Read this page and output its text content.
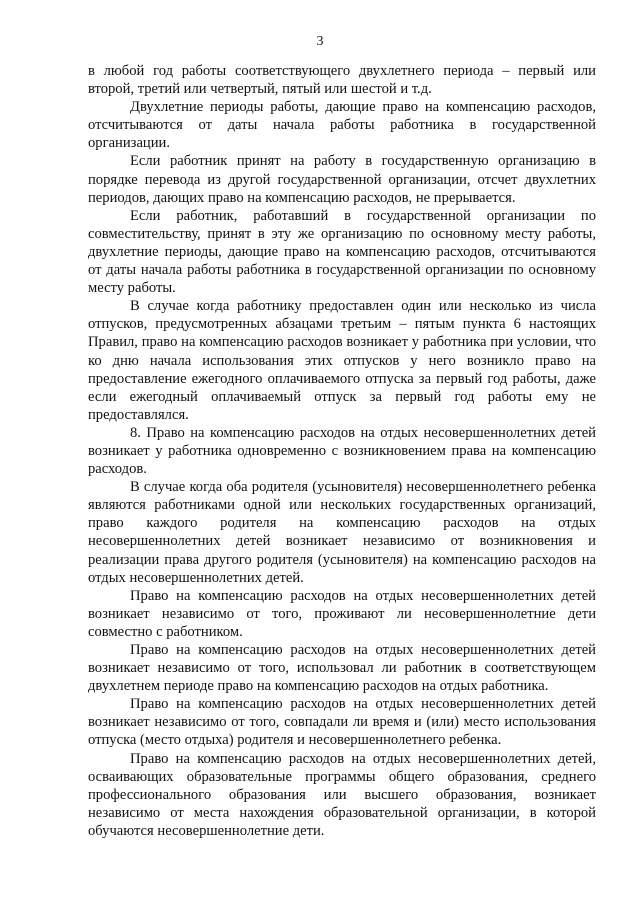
3

в любой год работы соответствующего двухлетнего периода – первый или второй, третий или четвертый, пятый или шестой и т.д.

Двухлетние периоды работы, дающие право на компенсацию расходов, отсчитываются от даты начала работы работника в государственной организации.

Если работник принят на работу в государственную организацию в порядке перевода из другой государственной организации, отсчет двухлетних периодов, дающих право на компенсацию расходов, не прерывается.

Если работник, работавший в государственной организации по совместительству, принят в эту же организацию по основному месту работы, двухлетние периоды, дающие право на компенсацию расходов, отсчитываются от даты начала работы работника в государственной организации по основному месту работы.

В случае когда работнику предоставлен один или несколько из числа отпусков, предусмотренных абзацами третьим – пятым пункта 6 настоящих Правил, право на компенсацию расходов возникает у работника при условии, что ко дню начала использования этих отпусков у него возникло право на предоставление ежегодного оплачиваемого отпуска за первый год работы, даже если ежегодный оплачиваемый отпуск за первый год работы ему не предоставлялся.

8. Право на компенсацию расходов на отдых несовершеннолетних детей возникает у работника одновременно с возникновением права на компенсацию расходов.

В случае когда оба родителя (усыновителя) несовершеннолетнего ребенка являются работниками одной или нескольких государственных организаций, право каждого родителя на компенсацию расходов на отдых несовершеннолетних детей возникает независимо от возникновения и реализации права другого родителя (усыновителя) на компенсацию расходов на отдых несовершеннолетних детей.

Право на компенсацию расходов на отдых несовершеннолетних детей возникает независимо от того, проживают ли несовершеннолетние дети совместно с работником.

Право на компенсацию расходов на отдых несовершеннолетних детей возникает независимо от того, использовал ли работник в соответствующем двухлетнем периоде право на компенсацию расходов на отдых работника.

Право на компенсацию расходов на отдых несовершеннолетних детей возникает независимо от того, совпадали ли время и (или) место использования отпуска (место отдыха) родителя и несовершеннолетнего ребенка.

Право на компенсацию расходов на отдых несовершеннолетних детей, осваивающих образовательные программы общего образования, среднего профессионального образования или высшего образования, возникает независимо от места нахождения образовательной организации, в которой обучаются несовершеннолетние дети.
